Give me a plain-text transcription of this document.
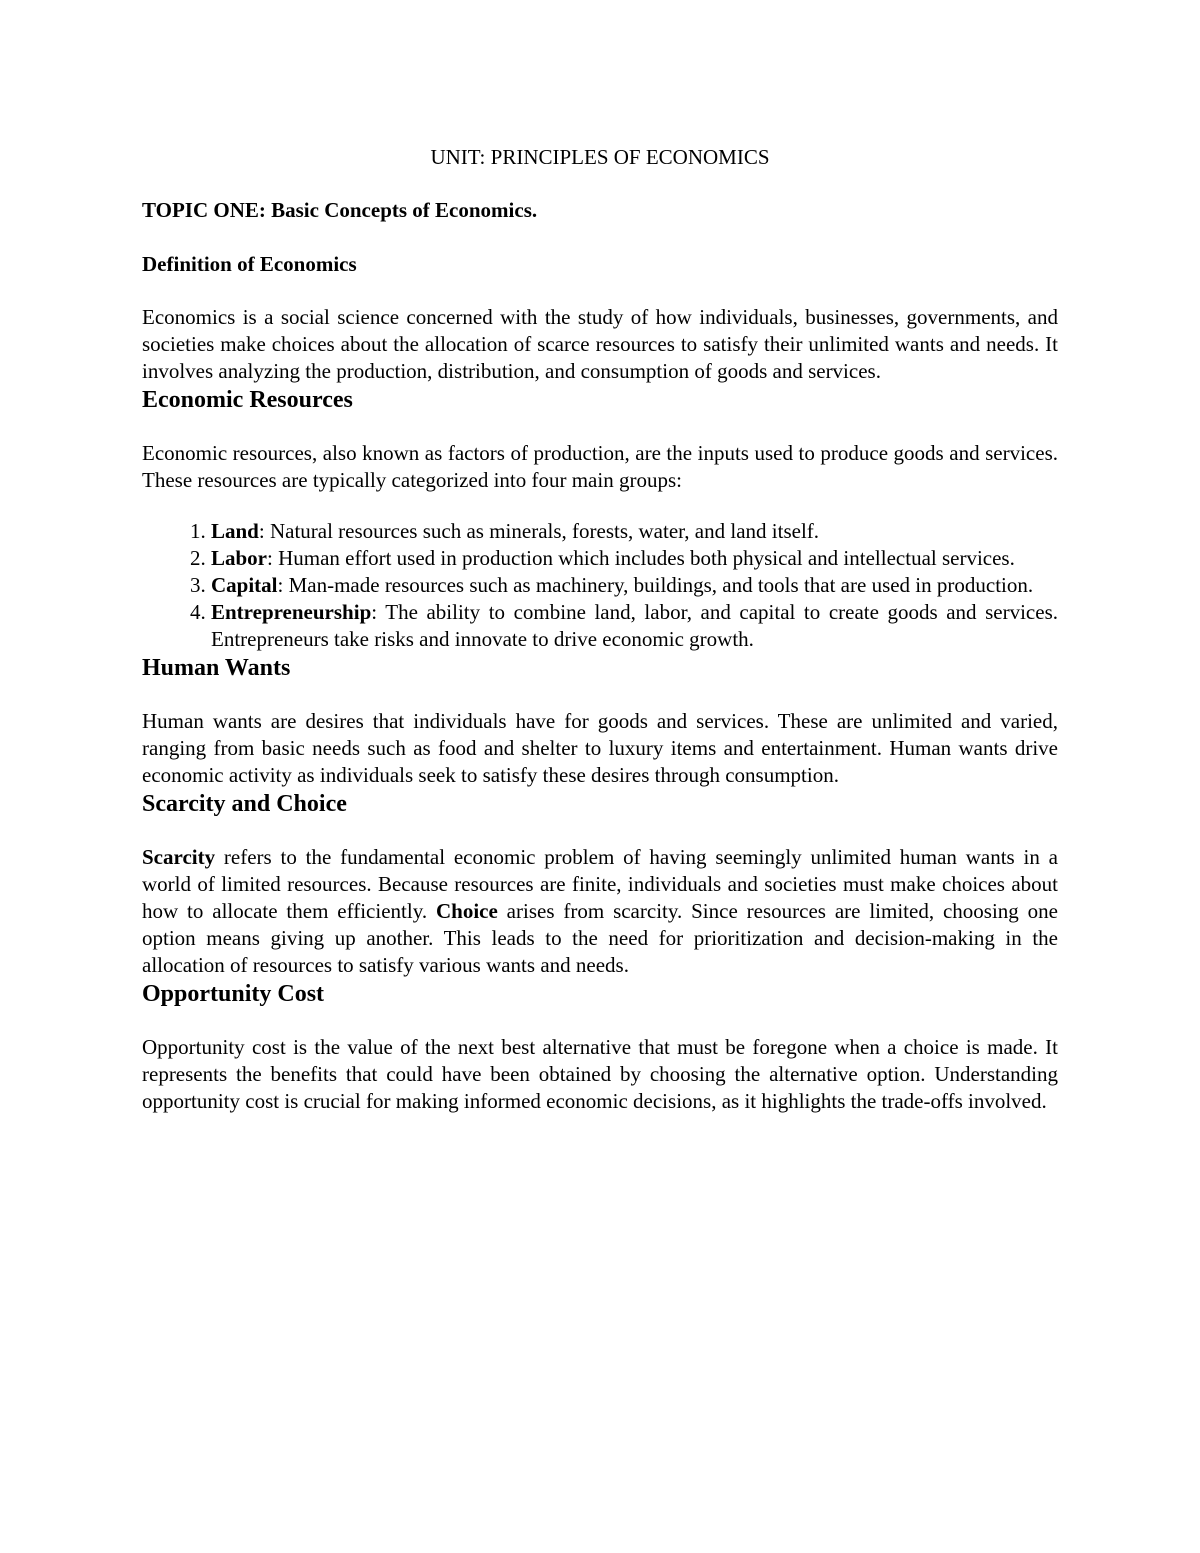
UNIT: PRINCIPLES OF ECONOMICS
TOPIC ONE: Basic Concepts of Economics.
Definition of Economics

Economics is a social science concerned with the study of how individuals, businesses, governments, and societies make choices about the allocation of scarce resources to satisfy their unlimited wants and needs. It involves analyzing the production, distribution, and consumption of goods and services.

Economic Resources

Economic resources, also known as factors of production, are the inputs used to produce goods and services. These resources are typically categorized into four main groups:

1. Land: Natural resources such as minerals, forests, water, and land itself.
2. Labor: Human effort used in production which includes both physical and intellectual services.
3. Capital: Man-made resources such as machinery, buildings, and tools that are used in production.
4. Entrepreneurship: The ability to combine land, labor, and capital to create goods and services. Entrepreneurs take risks and innovate to drive economic growth.
Human Wants

Human wants are desires that individuals have for goods and services. These are unlimited and varied, ranging from basic needs such as food and shelter to luxury items and entertainment. Human wants drive economic activity as individuals seek to satisfy these desires through consumption.

Scarcity and Choice

Scarcity refers to the fundamental economic problem of having seemingly unlimited human wants in a world of limited resources. Because resources are finite, individuals and societies must make choices about how to allocate them efficiently. Choice arises from scarcity. Since resources are limited, choosing one option means giving up another. This leads to the need for prioritization and decision-making in the allocation of resources to satisfy various wants and needs.

Opportunity Cost

Opportunity cost is the value of the next best alternative that must be foregone when a choice is made. It represents the benefits that could have been obtained by choosing the alternative option. Understanding opportunity cost is crucial for making informed economic decisions, as it highlights the trade-offs involved.
